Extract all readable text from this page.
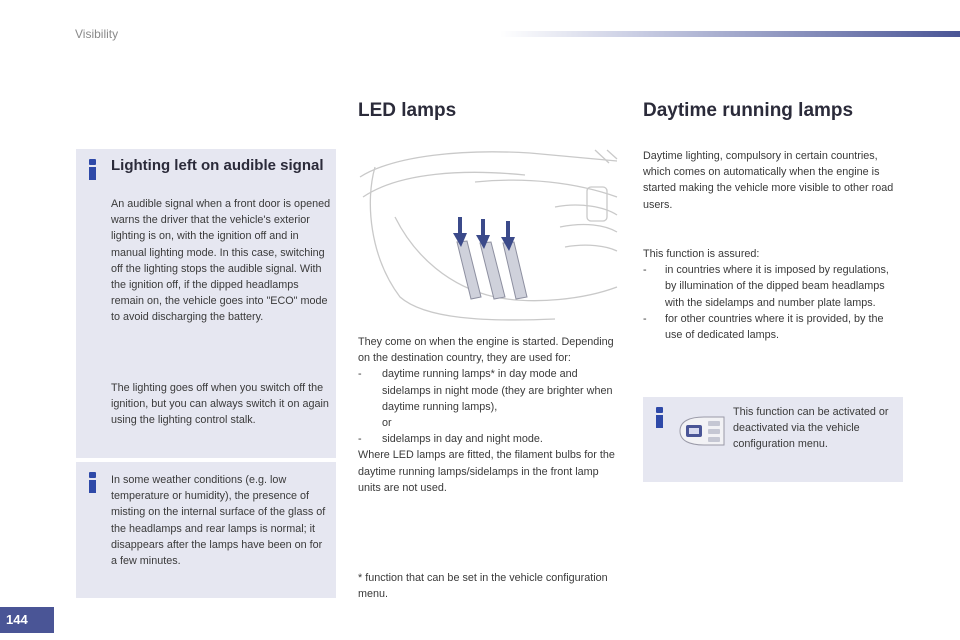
Visibility
Lighting left on audible signal

An audible signal when a front door is opened warns the driver that the vehicle's exterior lighting is on, with the ignition off and in manual lighting mode. In this case, switching off the lighting stops the audible signal. With the ignition off, if the dipped headlamps remain on, the vehicle goes into "ECO" mode to avoid discharging the battery.

The lighting goes off when you switch off the ignition, but you can always switch it on again using the lighting control stalk.

In some weather conditions (e.g. low temperature or humidity), the presence of misting on the internal surface of the glass of the headlamps and rear lamps is normal; it disappears after the lamps have been on for a few minutes.

LED lamps
They come on when the engine is started. Depending on the destination country, they are used for:
- daytime running lamps* in day mode and sidelamps in night mode (they are brighter when daytime running lamps),
or
- sidelamps in day and night mode.
Where LED lamps are fitted, the filament bulbs for the daytime running lamps/sidelamps in the front lamp units are not used.
* function that can be set in the vehicle configuration menu.
Daytime running lamps

Daytime lighting, compulsory in certain countries, which comes on automatically when the engine is started making the vehicle more visible to other road users.

This function is assured:
- in countries where it is imposed by regulations, by illumination of the dipped beam headlamps with the sidelamps and number plate lamps.
- for other countries where it is provided, by the use of dedicated lamps.

This function can be activated or deactivated via the vehicle configuration menu.

144
